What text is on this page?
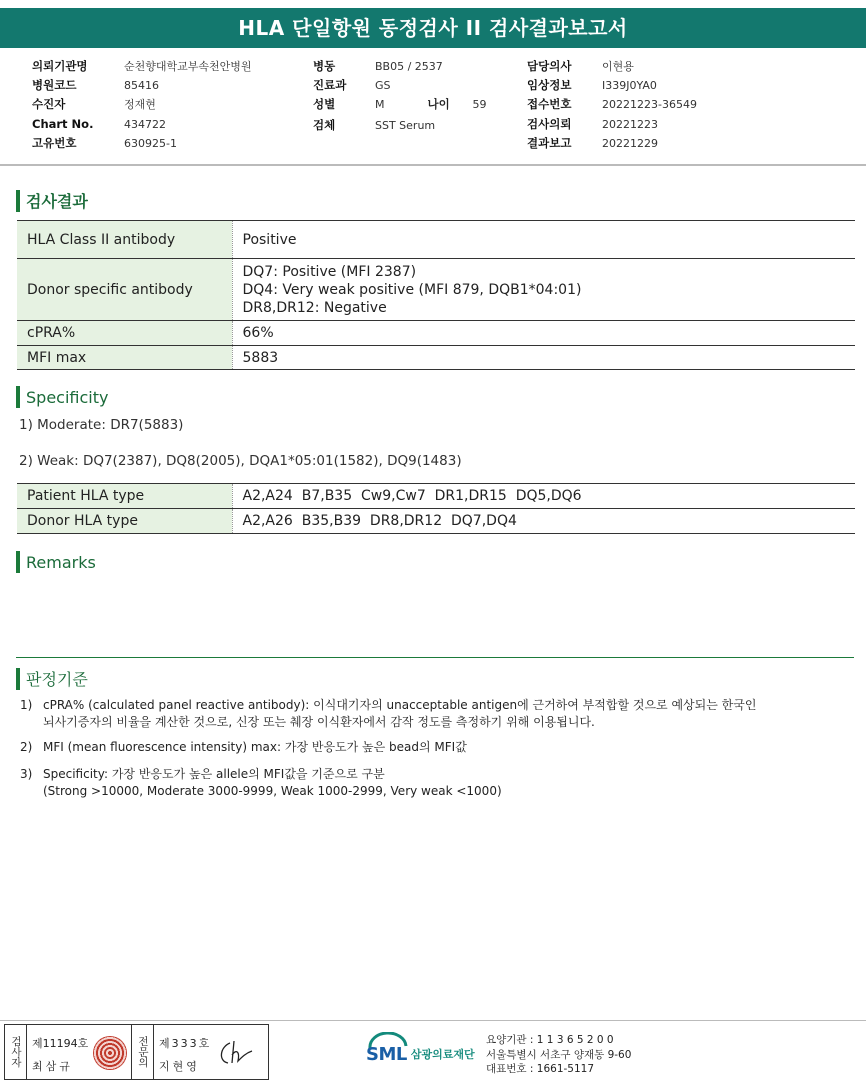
HLA 단일항원 동정검사 II 검사결과보고서
의뢰기관명	순천향대학교부속천안병원
병원코드	85416
수진자	정재현
Chart No.	434722
고유번호	630925-1
병동	BB05 / 2537
진료과	GS
성별	M	나이	59
검체	SST Serum
담당의사	이현용
임상정보	I339J0YA0
접수번호	20221223-36549
검사의뢰	20221223
결과보고	20221229
검사결과
HLA Class II antibody	Positive

Donor specific antibody	DQ7: Positive (MFI 2387)
DQ4: Very weak positive (MFI 879, DQB1*04:01)
DR8,DR12: Negative

cPRA%	66%

MFI max	5883
Specificity
1) Moderate: DR7(5883)
2) Weak: DQ7(2387), DQ8(2005), DQA1*05:01(1582), DQ9(1483)
Patient HLA type	A2,A24  B7,B35  Cw9,Cw7  DR1,DR15  DQ5,DQ6
Donor HLA type	A2,A26  B35,B39  DR8,DR12  DQ7,DQ4
Remarks
판정기준
1) cPRA% (calculated panel reactive antibody): 이식대기자의 unacceptable antigen에 근거하여 부적합할 것으로 예상되는 한국인
뇌사기증자의 비율을 계산한 것으로, 신장 또는 췌장 이식환자에서 감작 정도를 측정하기 위해 이용됩니다.
2) MFI (mean fluorescence intensity) max: 가장 반응도가 높은 bead의 MFI값
3) Specificity: 가장 반응도가 높은 allele의 MFI값을 기준으로 구분
(Strong >10000, Moderate 3000-9999, Weak 1000-2999, Very weak <1000)
검사자 제11194호
최삼규	전문의 제333호
지현영
SML 삼광의료재단
요양기관 : 1 1 3 6 5 2 0 0
서울특별시 서초구 양재동 9-60
대표번호 : 1661-5117
